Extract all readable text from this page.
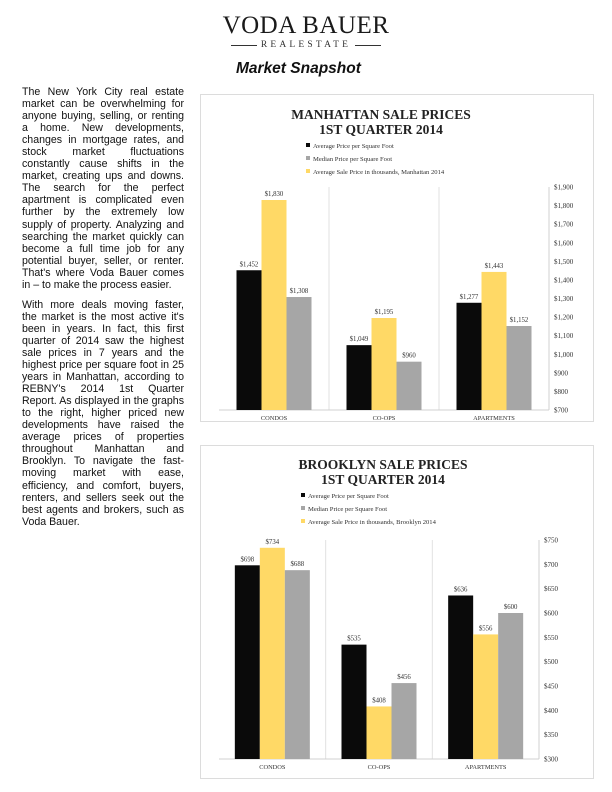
VODA BAUER
REALESTATE
Market Snapshot

The New York City real estate market can be overwhelming for anyone buying, selling, or renting a home. New developments, changes in mortgage rates, and stock market fluctuations constantly cause shifts in the market, creating ups and downs. The search for the perfect apartment is complicated even further by the extremely low supply of property. Analyzing and searching the market quickly can become a full time job for any potential buyer, seller, or renter. That's where Voda Bauer comes in – to make the process easier.

With more deals moving faster, the market is the most active it's been in years. In fact, this first quarter of 2014 saw the highest sale prices in 7 years and the highest price per square foot in 25 years in Manhattan, according to REBNY's 2014 1st Quarter Report. As displayed in the graphs to the right, higher priced new developments have raised the average prices of properties throughout Manhattan and Brooklyn. To navigate the fast-moving market with ease, efficiency, and comfort, buyers, renters, and sellers seek out the best agents and brokers, such as Voda Bauer.

MANHATTAN SALE PRICES
1ST QUARTER 2014
Average Price per Square Foot
Median Price per Square Foot
Average Sale Price in thousands, Manhattan 2014
$1,900
$1,800
$1,700
$1,600
$1,500
$1,400
$1,300
$1,200
$1,100
$1,000
$900
$800
$700
$1,452
$1,830
$1,308
CONDOS
$1,049
$1,195
$960
CO-OPS
$1,277
$1,443
$1,152
APARTMENTS
BROOKLYN SALE PRICES
1ST QUARTER 2014
Average Price per Square Foot
Median Price per Square Foot
Average Sale Price in thousands, Brooklyn 2014
$750
$700
$650
$600
$550
$500
$450
$400
$350
$300
$698
$734
$688
CONDOS
$535
$408
$456
CO-OPS
$636
$556
$600
APARTMENTS
